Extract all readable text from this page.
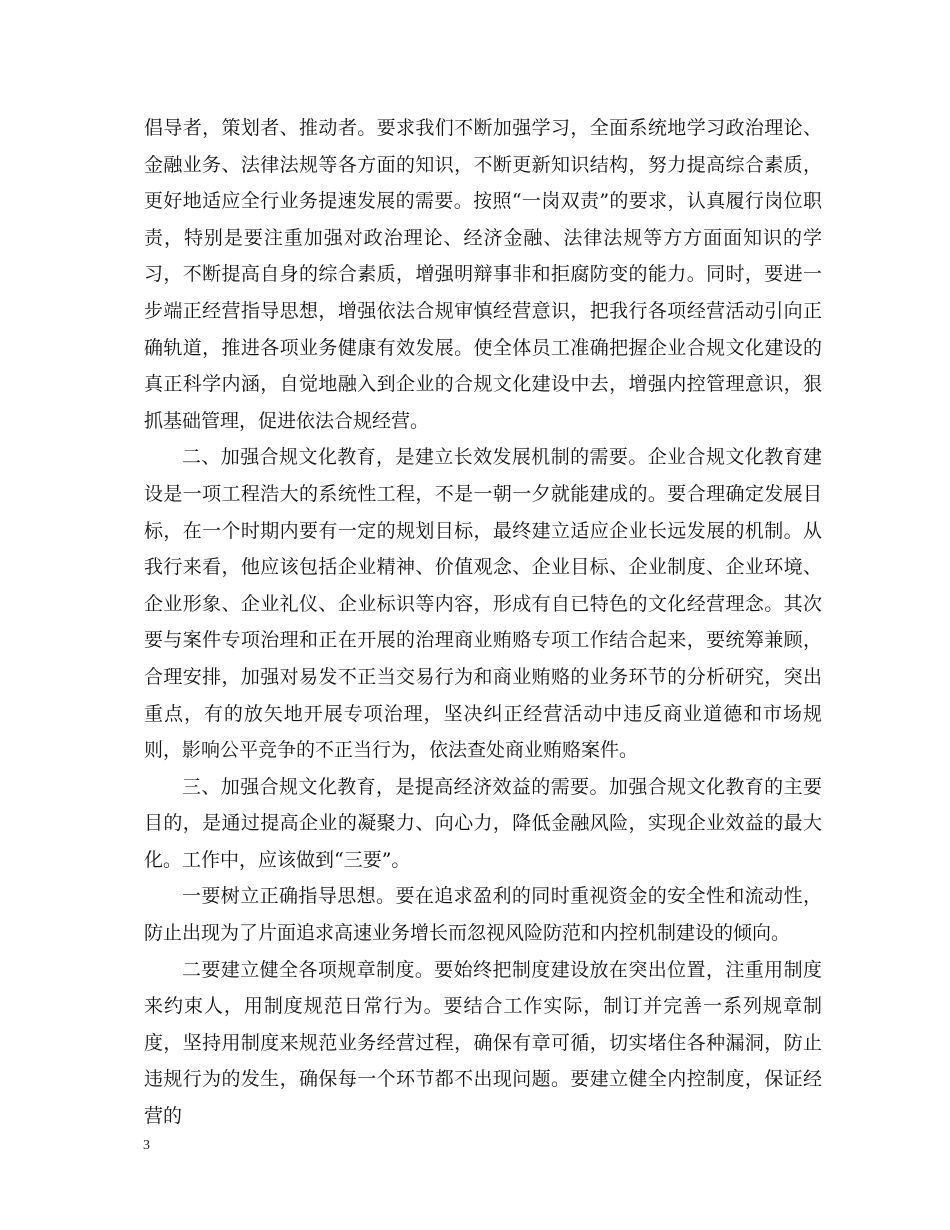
倡导者，策划者、推动者。要求我们不断加强学习，全面系统地学习政治理论、金融业务、法律法规等各方面的知识，不断更新知识结构，努力提高综合素质，更好地适应全行业务提速发展的需要。按照“一岗双责”的要求，认真履行岗位职责，特别是要注重加强对政治理论、经济金融、法律法规等方方面面知识的学习，不断提高自身的综合素质，增强明辩事非和拒腐防变的能力。同时，要进一步端正经营指导思想，增强依法合规审慎经营意识，把我行各项经营活动引向正确轨道，推进各项业务健康有效发展。使全体员工准确把握企业合规文化建设的真正科学内涵，自觉地融入到企业的合规文化建设中去，增强内控管理意识，狠抓基础管理，促进依法合规经营。

二、加强合规文化教育，是建立长效发展机制的需要。企业合规文化教育建设是一项工程浩大的系统性工程，不是一朝一夕就能建成的。要合理确定发展目标，在一个时期内要有一定的规划目标，最终建立适应企业长远发展的机制。从我行来看，他应该包括企业精神、价值观念、企业目标、企业制度、企业环境、企业形象、企业礼仪、企业标识等内容，形成有自已特色的文化经营理念。其次要与案件专项治理和正在开展的治理商业贿赂专项工作结合起来，要统筹兼顾，合理安排，加强对易发不正当交易行为和商业贿赂的业务环节的分析研究，突出重点，有的放矢地开展专项治理，坚决纠正经营活动中违反商业道德和市场规则，影响公平竞争的不正当行为，依法查处商业贿赂案件。

三、加强合规文化教育，是提高经济效益的需要。加强合规文化教育的主要目的，是通过提高企业的凝聚力、向心力，降低金融风险，实现企业效益的最大化。工作中，应该做到“三要”。

一要树立正确指导思想。要在追求盈利的同时重视资金的安全性和流动性，防止出现为了片面追求高速业务增长而忽视风险防范和内控机制建设的倾向。

二要建立健全各项规章制度。要始终把制度建设放在突出位置，注重用制度来约束人，用制度规范日常行为。要结合工作实际，制订并完善一系列规章制度，坚持用制度来规范业务经营过程，确保有章可循，切实堵住各种漏洞，防止违规行为的发生，确保每一个环节都不出现问题。要建立健全内控制度，保证经营的

3
